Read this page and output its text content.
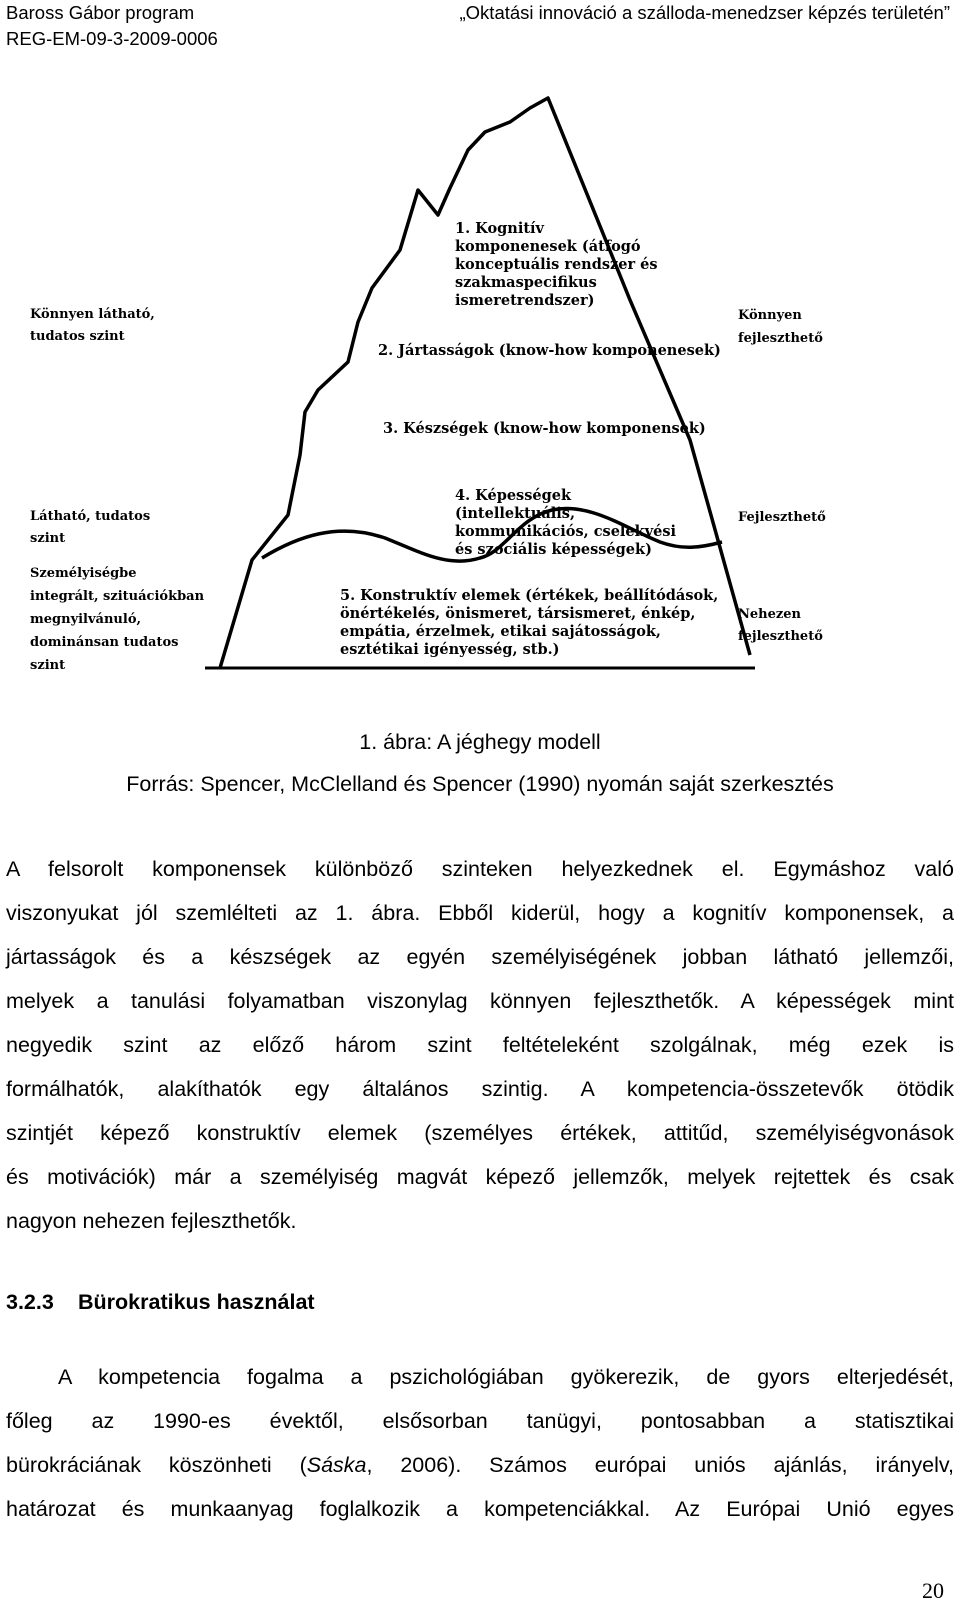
Baross Gábor program
REG-EM-09-3-2009-0006
„Oktatási innováció a szálloda-menedzser képzés területén”
1. Kognitív
komponenesek (átfogó
konceptuális rendszer és
szakmaspecifikus
ismeretrendszer)
2. Jártasságok (know-how komponenesek)
3. Készségek (know-how komponensek)
4. Képességek
(intellektuális,
kommunikációs, cselekvési
és szociális képességek)
5. Konstruktív elemek (értékek, beállítódások,
önértékelés, önismeret, társismeret, énkép,
empátia, érzelmek, etikai sajátosságok,
esztétikai igényesség, stb.)
Könnyen látható,
tudatos szint
Látható, tudatos
szint
Személyiségbe
integrált, szituációkban
megnyilvánuló,
dominánsan tudatos
szint
Könnyen
fejleszthető
Fejleszthető
Nehezen
fejleszthető
1. ábra: A jéghegy modell
Forrás: Spencer, McClelland és Spencer (1990) nyomán saját szerkesztés
A felsorolt komponensek különböző szinteken helyezkednek el. Egymáshoz való
viszonyukat jól szemlélteti az 1. ábra. Ebből kiderül, hogy a kognitív komponensek, a
jártasságok és a készségek az egyén személyiségének jobban látható jellemzői,
melyek a tanulási folyamatban viszonylag könnyen fejleszthetők. A képességek mint
negyedik szint az előző három szint feltételeként szolgálnak, még ezek is
formálhatók, alakíthatók egy általános szintig. A kompetencia-összetevők ötödik
szintjét képező konstruktív elemek (személyes értékek, attitűd, személyiségvonások
és motivációk) már a személyiség magvát képező jellemzők, melyek rejtettek és csak
nagyon nehezen fejleszthetők.
3.2.3 Bürokratikus használat
A kompetencia fogalma a pszichológiában gyökerezik, de gyors elterjedését,
főleg az 1990-es évektől, elsősorban tanügyi, pontosabban a statisztikai
bürokráciának köszönheti (Sáska, 2006). Számos európai uniós ajánlás, irányelv,
határozat és munkaanyag foglalkozik a kompetenciákkal. Az Európai Unió egyes
20
